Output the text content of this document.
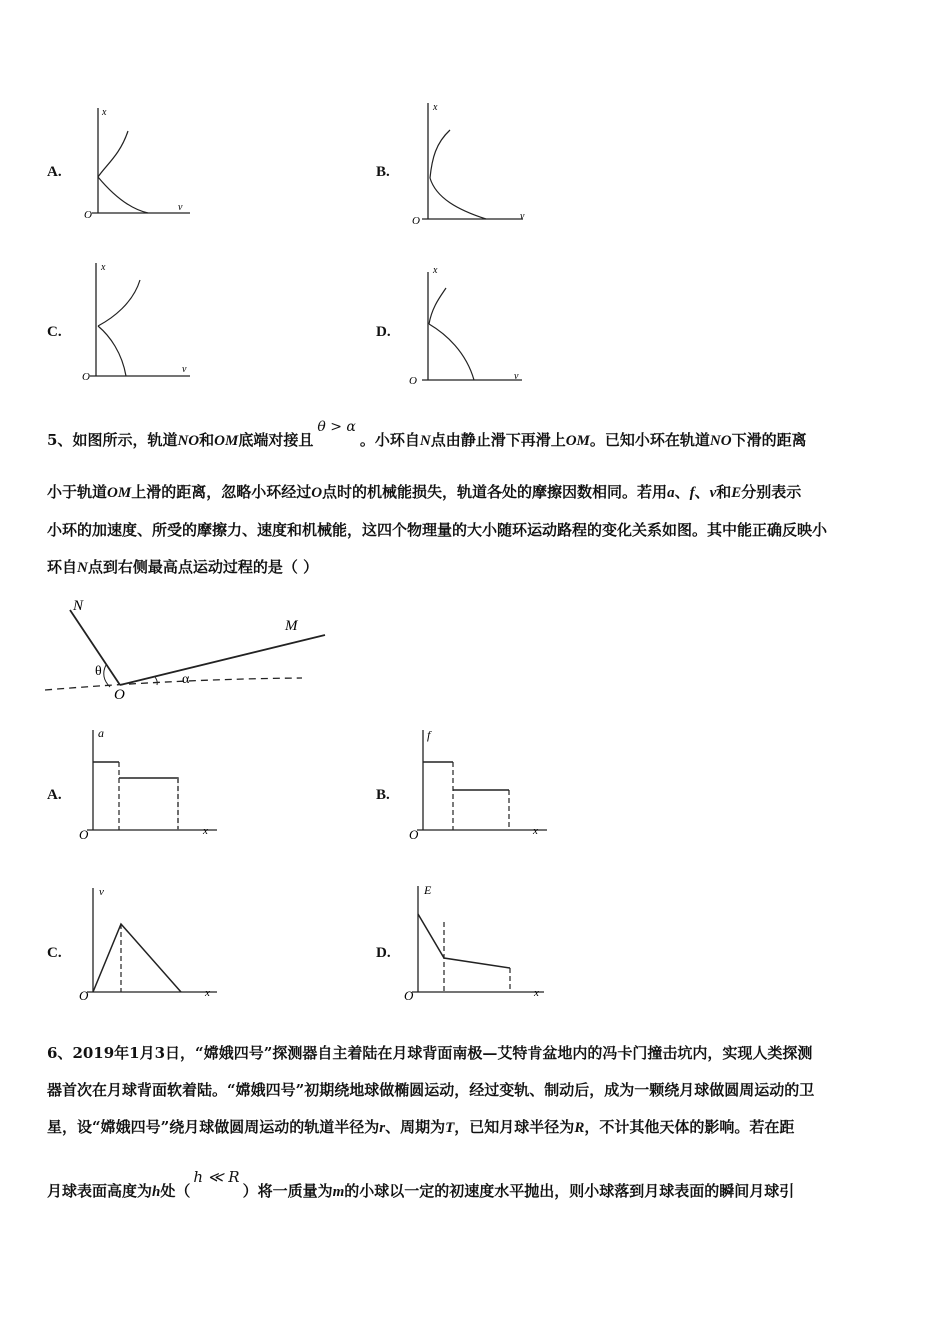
A.
x
v
O
B.
x
v
O
C.
x
v
O
D.
x
v
O
5、如图所示，轨道NO和OM底端对接且θ > α。小环自N点由静止滑下再滑上OM。已知小环在轨道NO下滑的距离
小于轨道OM上滑的距离，忽略小环经过O点时的机械能损失，轨道各处的摩擦因数相同。若用a、f、v和E分别表示
小环的加速度、所受的摩擦力、速度和机械能，这四个物理量的大小随环运动路程的变化关系如图。其中能正确反映小
环自N点到右侧最高点运动过程的是（ ）
N
M
O
θ
α
A.
a
x
O
B.
f
x
O
C.
v
x
O
D.
E
x
O
6、2019年1月3日，“嫦娥四号”探测器自主着陆在月球背面南极—艾特肯盆地内的冯卡门撞击坑内，实现人类探测
器首次在月球背面软着陆。“嫦娥四号”初期绕地球做椭圆运动，经过变轨、制动后，成为一颗绕月球做圆周运动的卫
星，设“嫦娥四号”绕月球做圆周运动的轨道半径为r、周期为T，已知月球半径为R，不计其他天体的影响。若在距
月球表面高度为h处（h ≪ R）将一质量为m的小球以一定的初速度水平抛出，则小球落到月球表面的瞬间月球引
